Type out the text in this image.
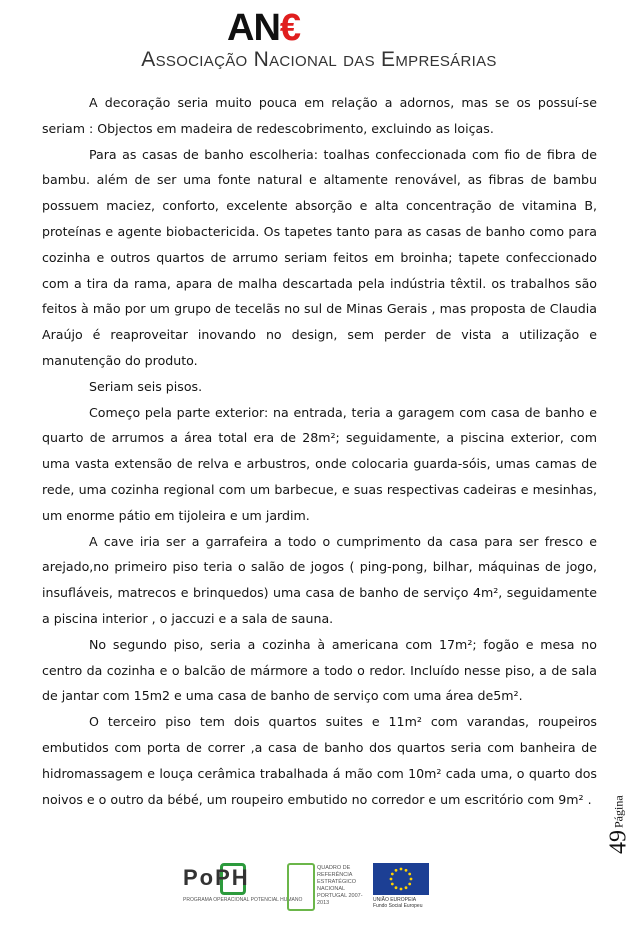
AN€
Associação Nacional das Empresárias

A decoração seria muito pouca em relação a adornos, mas se os possuí-se seriam : Objectos em madeira de redescobrimento, excluindo as loiças.

Para as casas de banho escolheria: toalhas confeccionada com fio de fibra de bambu. além de ser uma fonte natural e altamente renovável, as fibras de bambu possuem maciez, conforto, excelente absorção e alta concentração de vitamina B, proteínas e agente biobactericida. Os tapetes tanto para as casas de banho como para cozinha e outros quartos de arrumo seriam feitos em broinha; tapete confeccionado com a tira da rama, apara de malha descartada pela indústria têxtil. os trabalhos são feitos à mão por um grupo de tecelãs no sul de Minas Gerais , mas proposta de Claudia Araújo é reaproveitar inovando no design, sem perder de vista a utilização e manutenção do produto.

Seriam seis pisos.

Começo pela parte exterior: na entrada, teria a garagem com casa de banho e quarto de arrumos a área total era de 28m²; seguidamente, a piscina exterior, com uma vasta extensão de relva e arbustros, onde colocaria guarda-sóis, umas camas de rede, uma cozinha regional com um barbecue, e suas respectivas cadeiras e mesinhas, um enorme pátio em tijoleira e um jardim.

A cave iria ser a garrafeira a todo o cumprimento da casa para ser fresco e arejado,no primeiro piso teria o salão de jogos ( ping-pong, bilhar, máquinas de jogo, insufláveis, matrecos e brinquedos) uma casa de banho de serviço 4m², seguidamente a piscina interior , o jaccuzi e a sala de sauna.

No segundo piso, seria a cozinha à americana com 17m²; fogão e mesa no centro da cozinha e o balcão de mármore a todo o redor. Incluído nesse piso, a de sala de jantar com 15m2 e uma casa de banho de serviço com uma área de5m².

O terceiro piso tem dois quartos suites e 11m² com varandas, roupeiros embutidos com porta de correr ,a casa de banho dos quartos seria com banheira de hidromassagem e louça cerâmica trabalhada á mão com 10m² cada uma, o quarto dos noivos e o outro da bébé, um roupeiro embutido no corredor e um escritório com 9m² .

49
Página
PoPH
PROGRAMA OPERACIONAL POTENCIAL HUMANO
QUADRO DE REFERÊNCIA ESTRATÉGICO NACIONAL PORTUGAL 2007-2013	UNIÃO EUROPEIA
Fundo Social Europeu
